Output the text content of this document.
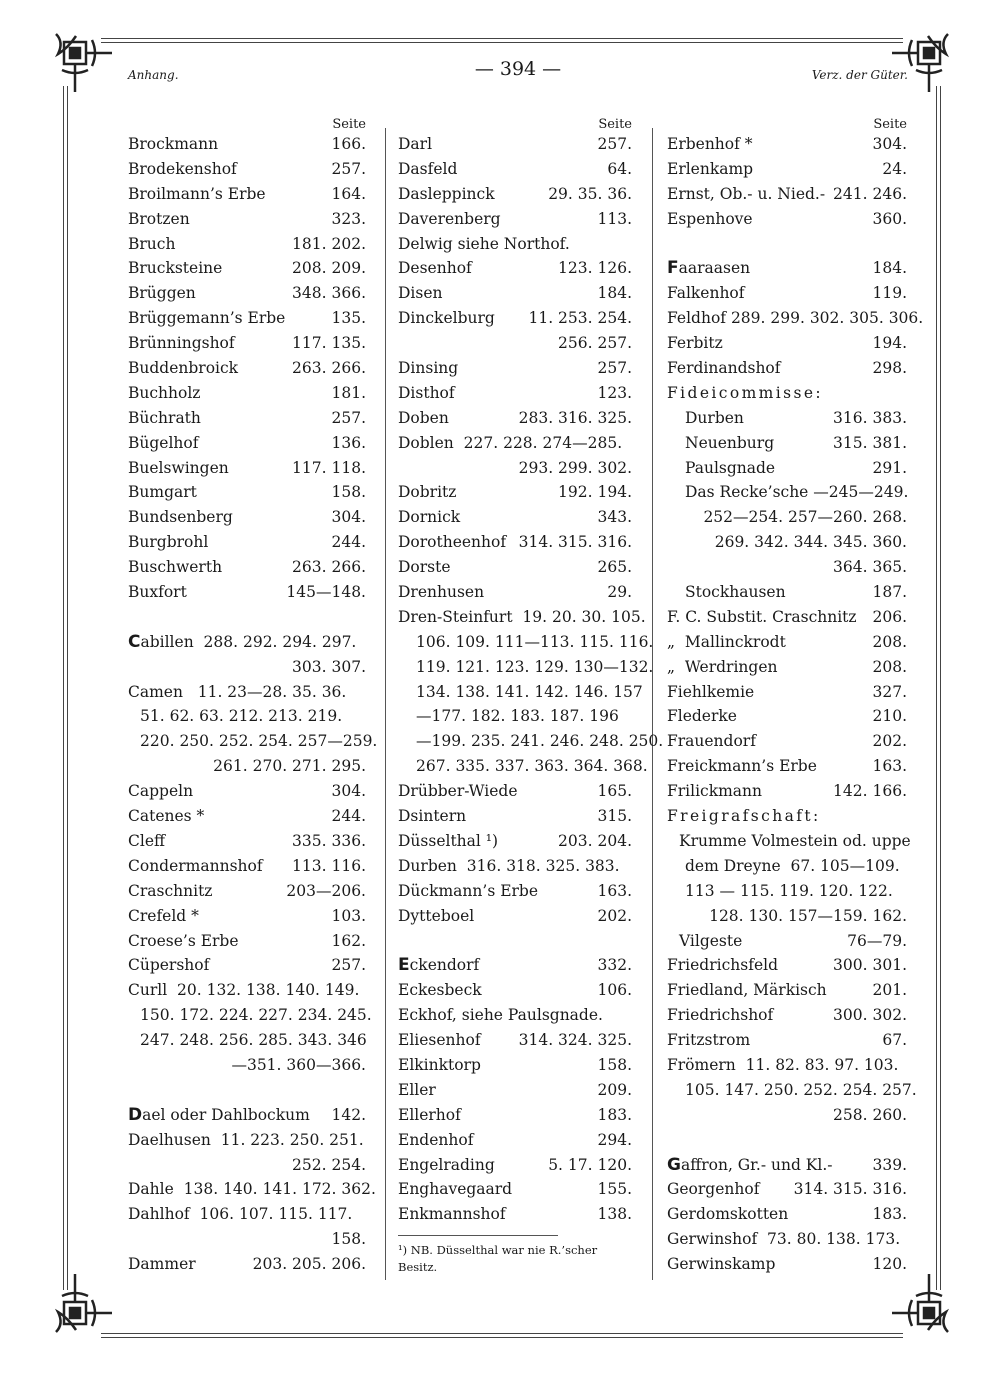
Anhang.	— 394 —	Verz. der Güter.
Seite
Brockmann	166.
Brodekenshof	257.
Broilmann’s Erbe	164.
Brotzen	323.
Bruch	181. 202.
Brucksteine	208. 209.
Brüggen	348. 366.
Brüggemann’s Erbe	135.
Brünningshof	117. 135.
Buddenbroick	263. 266.
Buchholz	181.
Büchrath	257.
Bügelhof	136.
Buelswingen	117. 118.
Bumgart	158.
Bundsenberg	304.
Burgbrohl	244.
Buschwerth	263. 266.
Buxfort	145—148.
Cabillen  288. 292. 294. 297.
303. 307.
Camen   11. 23—28. 35. 36.
51. 62. 63. 212. 213. 219.
220. 250. 252. 254. 257—259.
261. 270. 271. 295.
Cappeln	304.
Catenes *	244.
Cleff	335. 336.
Condermannshof 113. 116.
Craschnitz	203—206.
Crefeld *	103.
Croese’s Erbe	162.
Cüpershof	257.
Curll  20. 132. 138. 140. 149.
150. 172. 224. 227. 234. 245.
247. 248. 256. 285. 343. 346
—351. 360—366.
Dael oder Dahlbockum 142.
Daelhusen  11. 223. 250. 251.
252. 254.
Dahle  138. 140. 141. 172. 362.
Dahlhof  106. 107. 115. 117.
158.
Dammer	203. 205. 206.
Seite
Darl	257.
Dasfeld	64.
Dasleppinck	29. 35. 36.
Daverenberg	113.
Delwig siehe Northof.
Desenhof	123. 126.
Disen	184.
Dinckelburg 11. 253. 254.
256. 257.
Dinsing	257.
Disthof	123.
Doben	283. 316. 325.
Doblen  227. 228. 274—285.
293. 299. 302.
Dobritz	192. 194.
Dornick	343.
Dorotheenhof 314. 315. 316.
Dorste	265.
Drenhusen	29.
Dren-Steinfurt  19. 20. 30. 105.
106. 109. 111—113. 115. 116.
119. 121. 123. 129. 130—132.
134. 138. 141. 142. 146. 157
—177. 182. 183. 187. 196
—199. 235. 241. 246. 248. 250.
267. 335. 337. 363. 364. 368.
Drübber-Wiede	165.
Dsintern	315.
Düsselthal ¹)	203. 204.
Durben  316. 318. 325. 383.
Dückmann’s Erbe	163.
Dytteboel	202.
Eckendorf	332.
Eckesbeck	106.
Eckhof, siehe Paulsgnade.
Eliesenhof 314. 324. 325.
Elkinktorp	158.
Eller	209.
Ellerhof	183.
Endenhof	294.
Engelrading	5. 17. 120.
Enghavegaard	155.
Enkmannshof	138.
¹) NB. Düsselthal war nie R.’scher
Besitz.
Seite
Erbenhof *	304.
Erlenkamp	24.
Ernst, Ob.- u. Nied.- 241. 246.
Espenhove	360.
Faaraasen	184.
Falkenhof	119.
Feldhof 289. 299. 302. 305. 306.
Ferbitz	194.
Ferdinandshof	298.
Fideicommisse:
Durben	316. 383.
Neuenburg	315. 381.
Paulsgnade	291.
Das Recke’sche —245—249.
252—254. 257—260. 268.
269. 342. 344. 345. 360.
364. 365.
Stockhausen	187.
F. C. Substit. Craschnitz 206.
„  Mallinckrodt	208.
„  Werdringen	208.
Fiehlkemie	327.
Flederke	210.
Frauendorf	202.
Freickmann’s Erbe	163.
Frilickmann	142. 166.
Freigrafschaft:
Krumme Volmestein od. uppe
dem Dreyne  67. 105—109.
113 — 115. 119. 120. 122.
128. 130. 157—159. 162.
Vilgeste	76—79.
Friedrichsfeld	300. 301.
Friedland, Märkisch	201.
Friedrichshof	300. 302.
Fritzstrom	67.
Frömern  11. 82. 83. 97. 103.
105. 147. 250. 252. 254. 257.
258. 260.
Gaffron, Gr.- und Kl.-	339.
Georgenhof 314. 315. 316.
Gerdomskotten	183.
Gerwinshof  73. 80. 138. 173.
Gerwinskamp	120.
